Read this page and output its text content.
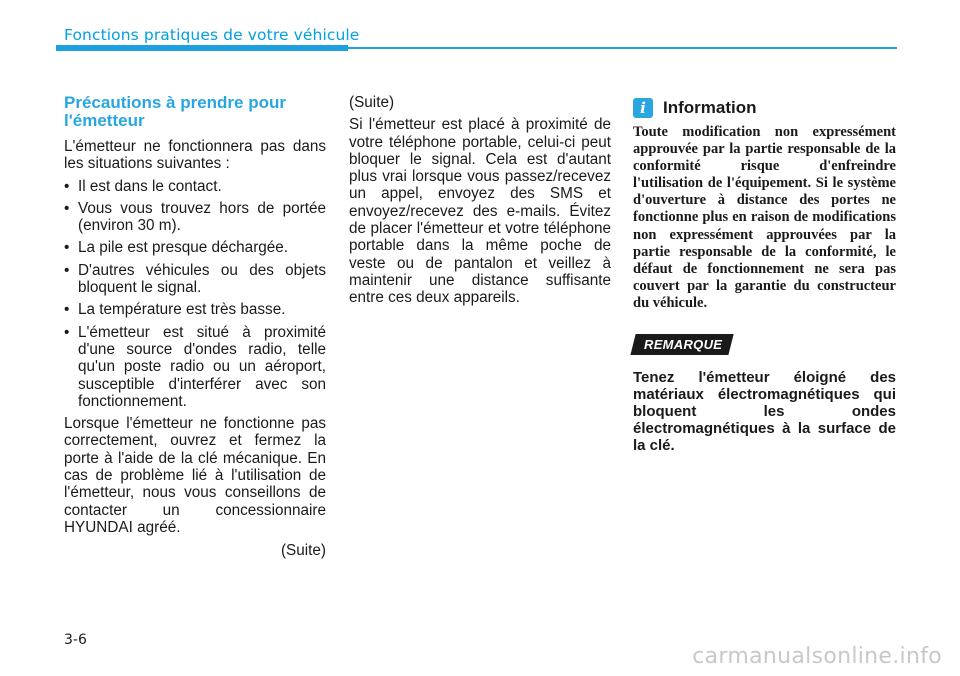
Fonctions pratiques de votre véhicule
Précautions à prendre pour l'émetteur

L'émetteur ne fonctionnera pas dans les situations suivantes :

• Il est dans le contact.
• Vous vous trouvez hors de portée (environ 30 m).
• La pile est presque déchargée.
• D'autres véhicules ou des objets bloquent le signal.
• La température est très basse.
• L'émetteur est situé à proximité d'une source d'ondes radio, telle qu'un poste radio ou un aéroport, susceptible d'interférer avec son fonctionnement.

Lorsque l'émetteur ne fonctionne pas correctement, ouvrez et fermez la porte à l'aide de la clé mécanique. En cas de problème lié à l'utilisation de l'émetteur, nous vous conseillons de contacter un concessionnaire HYUNDAI agréé.

(Suite)

(Suite)

Si l'émetteur est placé à proximité de votre téléphone portable, celui-ci peut bloquer le signal. Cela est d'autant plus vrai lorsque vous passez/recevez un appel, envoyez des SMS et envoyez/recevez des e-mails. Évitez de placer l'émetteur et votre téléphone portable dans la même poche de veste ou de pantalon et veillez à maintenir une distance suffisante entre ces deux appareils.

i	Information

Toute modification non expressément approuvée par la partie responsable de la conformité risque d'enfreindre l'utilisation de l'équipement. Si le système d'ouverture à distance des portes ne fonctionne plus en raison de modifications non expressément approuvées par la partie responsable de la conformité, le défaut de fonctionnement ne sera pas couvert par la garantie du constructeur du véhicule.

REMARQUE

Tenez l'émetteur éloigné des matériaux électromagnétiques qui bloquent les ondes électromagnétiques à la surface de la clé.

3-6
carmanualsonline.info
